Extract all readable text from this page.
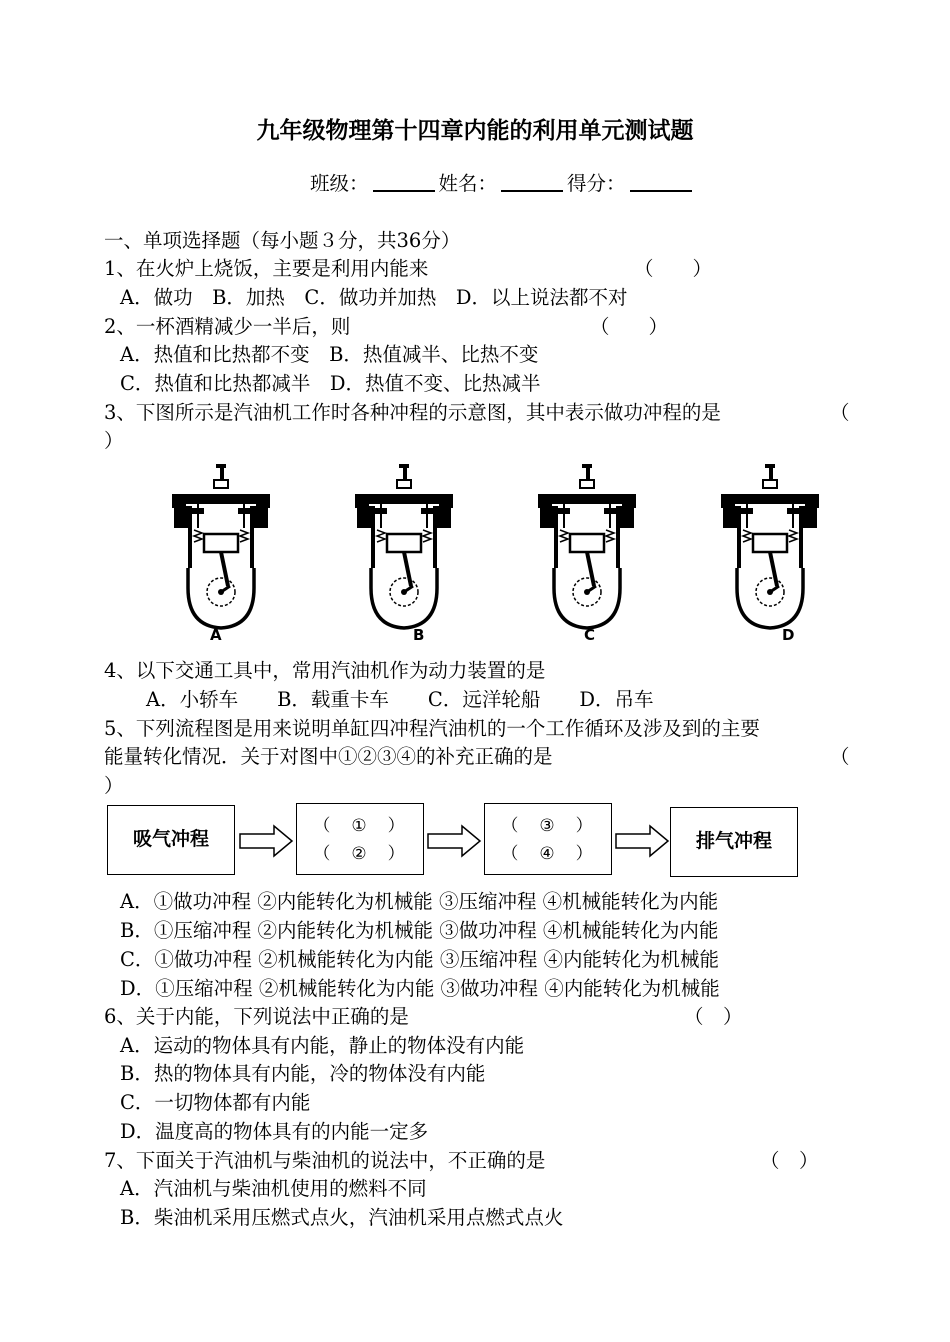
九年级物理第十四章内能的利用单元测试题
班级：	姓名：	得分：
一、单项选择题（每小题３分，共36分）
1、在火炉上烧饭，主要是利用内能来	（　　）
A．做功　B．加热　C．做功并加热　D．以上说法都不对
2、一杯酒精减少一半后，则	（　　）
A．热值和比热都不变　B．热值减半、比热不变
C．热值和比热都减半　D．热值不变、比热减半
3、下图所示是汽油机工作时各种冲程的示意图，其中表示做功冲程的是	（
）
A	B	C	D
4、以下交通工具中，常用汽油机作为动力装置的是
A．小轿车　　B．载重卡车　　C．远洋轮船　　D．吊车
5、下列流程图是用来说明单缸四冲程汽油机的一个工作循环及涉及到的主要
能量转化情况．关于对图中①②③④的补充正确的是	（
）
吸气冲程
（　①　）
（　②　）
（　③　）
（　④　）
排气冲程
A．①做功冲程 ②内能转化为机械能 ③压缩冲程 ④机械能转化为内能
B．①压缩冲程 ②内能转化为机械能 ③做功冲程 ④机械能转化为内能
C．①做功冲程 ②机械能转化为内能 ③压缩冲程 ④内能转化为机械能
D．①压缩冲程 ②机械能转化为内能 ③做功冲程 ④内能转化为机械能
6、关于内能，下列说法中正确的是	（　）
A．运动的物体具有内能，静止的物体没有内能
B．热的物体具有内能，冷的物体没有内能
C．一切物体都有内能
D．温度高的物体具有的内能一定多
7、下面关于汽油机与柴油机的说法中，不正确的是	（　）
A．汽油机与柴油机使用的燃料不同
B．柴油机采用压燃式点火，汽油机采用点燃式点火
